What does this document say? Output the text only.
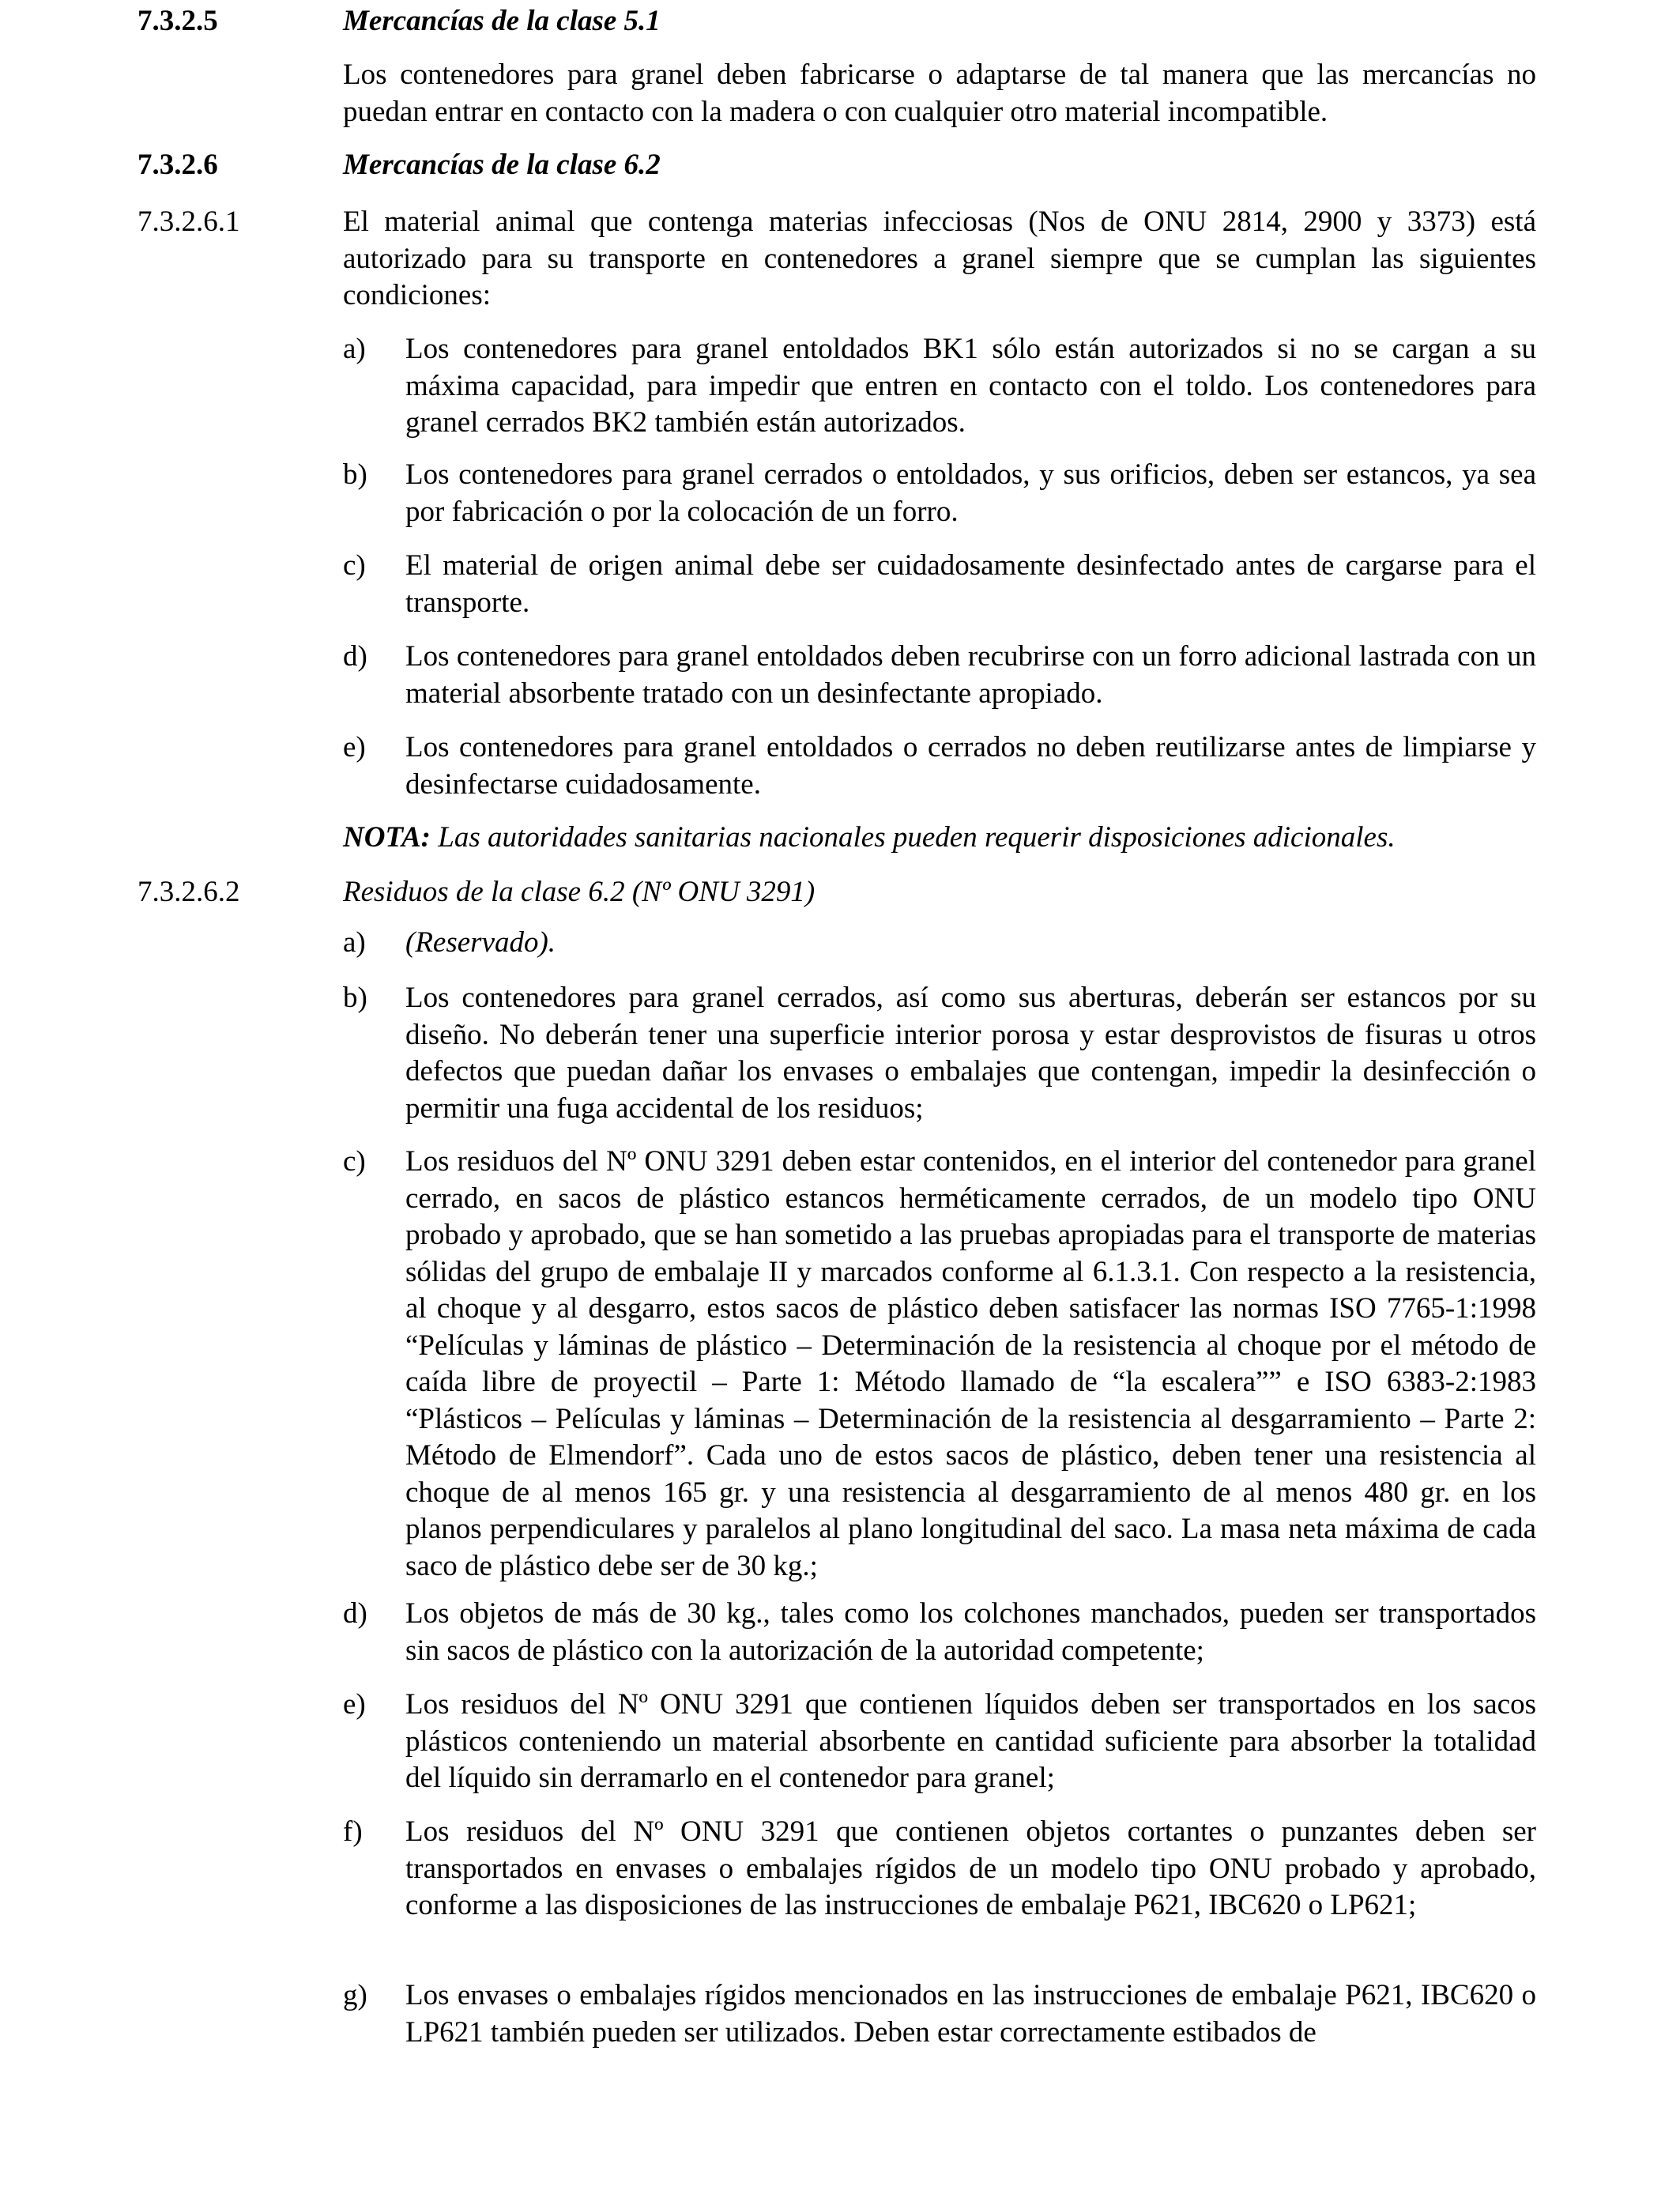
7.3.2.5	Mercancías de la clase 5.1
Los contenedores para granel deben fabricarse o adaptarse de tal manera que las mercancías no puedan entrar en contacto con la madera o con cualquier otro material incompatible.
7.3.2.6	Mercancías de la clase 6.2
7.3.2.6.1	El material animal que contenga materias infecciosas (Nos de ONU 2814, 2900 y 3373) está autorizado para su transporte en contenedores a granel siempre que se cumplan las siguientes condiciones:
a) Los contenedores para granel entoldados BK1 sólo están autorizados si no se cargan a su máxima capacidad, para impedir que entren en contacto con el toldo. Los contenedores para granel cerrados BK2 también están autorizados.
b) Los contenedores para granel cerrados o entoldados, y sus orificios, deben ser estancos, ya sea por fabricación o por la colocación de un forro.
c) El material de origen animal debe ser cuidadosamente desinfectado antes de cargarse para el transporte.
d) Los contenedores para granel entoldados deben recubrirse con un forro adicional lastrada con un material absorbente tratado con un desinfectante apropiado.
e) Los contenedores para granel entoldados o cerrados no deben reutilizarse antes de limpiarse y desinfectarse cuidadosamente.
NOTA: Las autoridades sanitarias nacionales pueden requerir disposiciones adicionales.
7.3.2.6.2	Residuos de la clase 6.2 (Nº ONU 3291)
a) (Reservado).
b) Los contenedores para granel cerrados, así como sus aberturas, deberán ser estancos por su diseño. No deberán tener una superficie interior porosa y estar desprovistos de fisuras u otros defectos que puedan dañar los envases o embalajes que contengan, impedir la desinfección o permitir una fuga accidental de los residuos;
c) Los residuos del Nº ONU 3291 deben estar contenidos, en el interior del contenedor para granel cerrado, en sacos de plástico estancos herméticamente cerrados, de un modelo tipo ONU probado y aprobado, que se han sometido a las pruebas apropiadas para el transporte de materias sólidas del grupo de embalaje II y marcados conforme al 6.1.3.1. Con respecto a la resistencia, al choque y al desgarro, estos sacos de plástico deben satisfacer las normas ISO 7765-1:1998 “Películas y láminas de plástico – Determinación de la resistencia al choque por el método de caída libre de proyectil – Parte 1: Método llamado de “la escalera”” e ISO 6383-2:1983 “Plásticos – Películas y láminas – Determinación de la resistencia al desgarramiento – Parte 2: Método de Elmendorf”. Cada uno de estos sacos de plástico, deben tener una resistencia al choque de al menos 165 gr. y una resistencia al desgarramiento de al menos 480 gr. en los planos perpendiculares y paralelos al plano longitudinal del saco. La masa neta máxima de cada saco de plástico debe ser de 30 kg.;
d) Los objetos de más de 30 kg., tales como los colchones manchados, pueden ser transportados sin sacos de plástico con la autorización de la autoridad competente;
e) Los residuos del Nº ONU 3291 que contienen líquidos deben ser transportados en los sacos plásticos conteniendo un material absorbente en cantidad suficiente para absorber la totalidad del líquido sin derramarlo en el contenedor para granel;
f) Los residuos del Nº ONU 3291 que contienen objetos cortantes o punzantes deben ser transportados en envases o embalajes rígidos de un modelo tipo ONU probado y aprobado, conforme a las disposiciones de las instrucciones de embalaje P621, IBC620 o LP621;
g) Los envases o embalajes rígidos mencionados en las instrucciones de embalaje P621, IBC620 o LP621 también pueden ser utilizados. Deben estar correctamente estibados de
